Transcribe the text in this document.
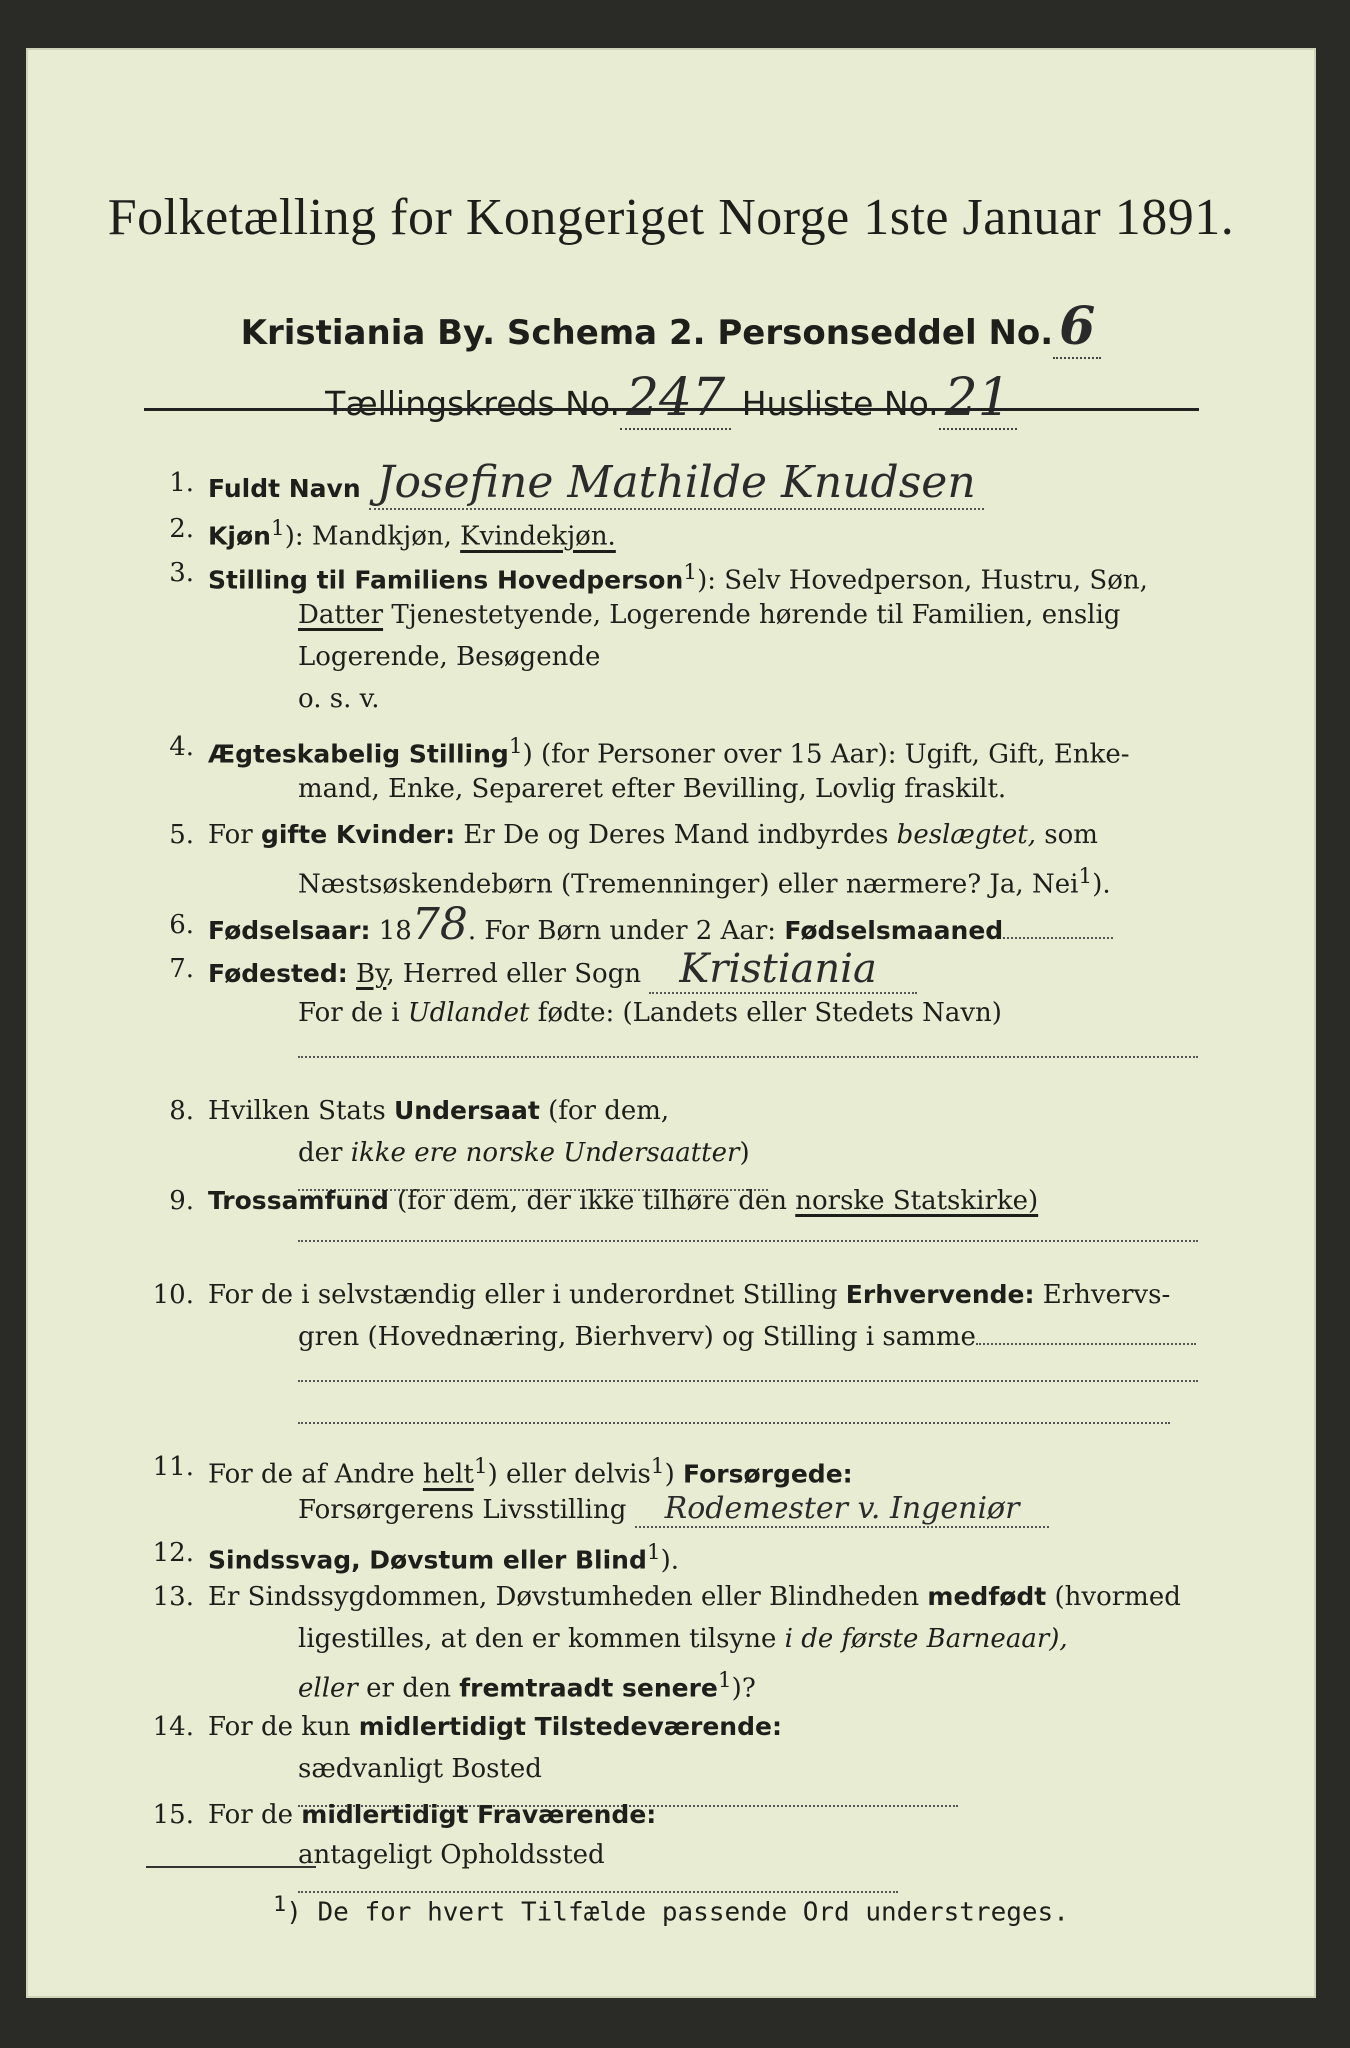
Folketælling for Kongeriget Norge 1ste Januar 1891.
Kristiania By. Schema 2. Personseddel No. 6
Tællingskreds No. 247 Husliste No. 21
1. Fuldt Navn Josefine Mathilde Knudsen
2. Kjøn$^1$): Mandkjøn, Kvindekjøn.
3. Stilling til Familiens Hovedperson$^1$): Selv Hovedperson, Hustru, Søn,
Datter Tjenestetyende, Logerende hørende til Familien, enslig
Logerende, Besøgende
o. s. v.
4. Ægteskabelig Stilling$^1$) (for Personer over 15 Aar): Ugift, Gift, Enke-
mand, Enke, Separeret efter Bevilling, Lovlig fraskilt.
5. For gifte Kvinder: Er De og Deres Mand indbyrdes beslægtet, som
Næstsøskendebørn (Tremenninger) eller nærmere? Ja, Nei$^1$).
6. Fødselsaar: 1878. For Børn under 2 Aar: Fødselsmaaned
7. Fødested: By, Herred eller Sogn Kristiania
For de i Udlandet fødte: (Landets eller Stedets Navn)
8. Hvilken Stats Undersaat (for dem,
der ikke ere norske Undersaatter)
9. Trossamfund (for dem, der ikke tilhøre den norske Statskirke)
10. For de i selvstændig eller i underordnet Stilling Erhvervende: Erhvervs-
gren (Hovednæring, Bierhverv) og Stilling i samme
11. For de af Andre helt$^1$) eller delvis$^1$) Forsørgede:
Forsørgerens Livsstilling Rodemester v. Ingeniør
12. Sindssvag, Døvstum eller Blind$^1$).
13. Er Sindssygdommen, Døvstumheden eller Blindheden medfødt (hvormed
ligestilles, at den er kommen tilsyne i de første Barneaar),
eller er den fremtraadt senere$^1$)?
14. For de kun midlertidigt Tilstedeværende:
sædvanligt Bosted
15. For de midlertidigt Fraværende:
antageligt Opholdssted
$^1$) De for hvert Tilfælde passende Ord understreges.
